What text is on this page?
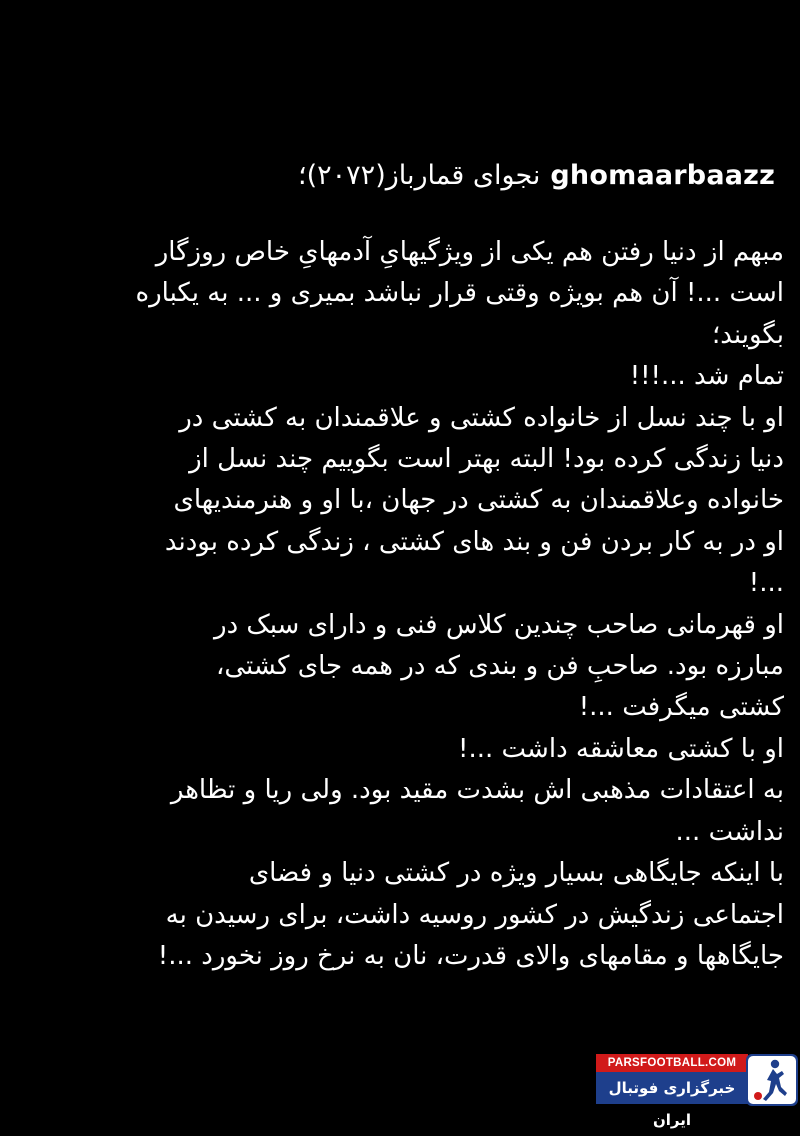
نجوای قمارباز(۲۰۷۲)؛ ghomaarbaazz

مبهم از دنیا رفتن هم یکی از ویژگیهایِ آدمهایِ خاص روزگار
است ...! آن هم بویژه وقتی قرار نباشد بمیری و ... به یکباره
بگویند؛

تمام شد ...!!!

او با چند نسل از خانواده کشتی و علاقمندان به کشتی در
دنیا زندگی کرده بود! البته بهتر است بگوییم چند نسل از
خانواده وعلاقمندان به کشتی در جهان ،با او و هنرمندیهای
او در به کار بردن فن و بند های کشتی ، زندگی کرده بودند
...!

او قهرمانی صاحب چندین کلاس فنی و دارای سبک در
مبارزه بود. صاحبِ فن و بندی که در همه جای کشتی،
کشتی میگرفت ...!

او با کشتی معاشقه داشت ...!

به اعتقادات مذهبی اش بشدت مقید بود. ولی ریا و تظاهر
نداشت ...

با اینکه جایگاهی بسیار ویژه در کشتی دنیا و فضای
اجتماعی زندگیش در کشور روسیه داشت، برای رسیدن به
جایگاهها و مقامهای والای قدرت، نان به نرخ روز نخورد ...!

PARSFOOTBALL.COM
خبرگزاری فوتبال ایران
